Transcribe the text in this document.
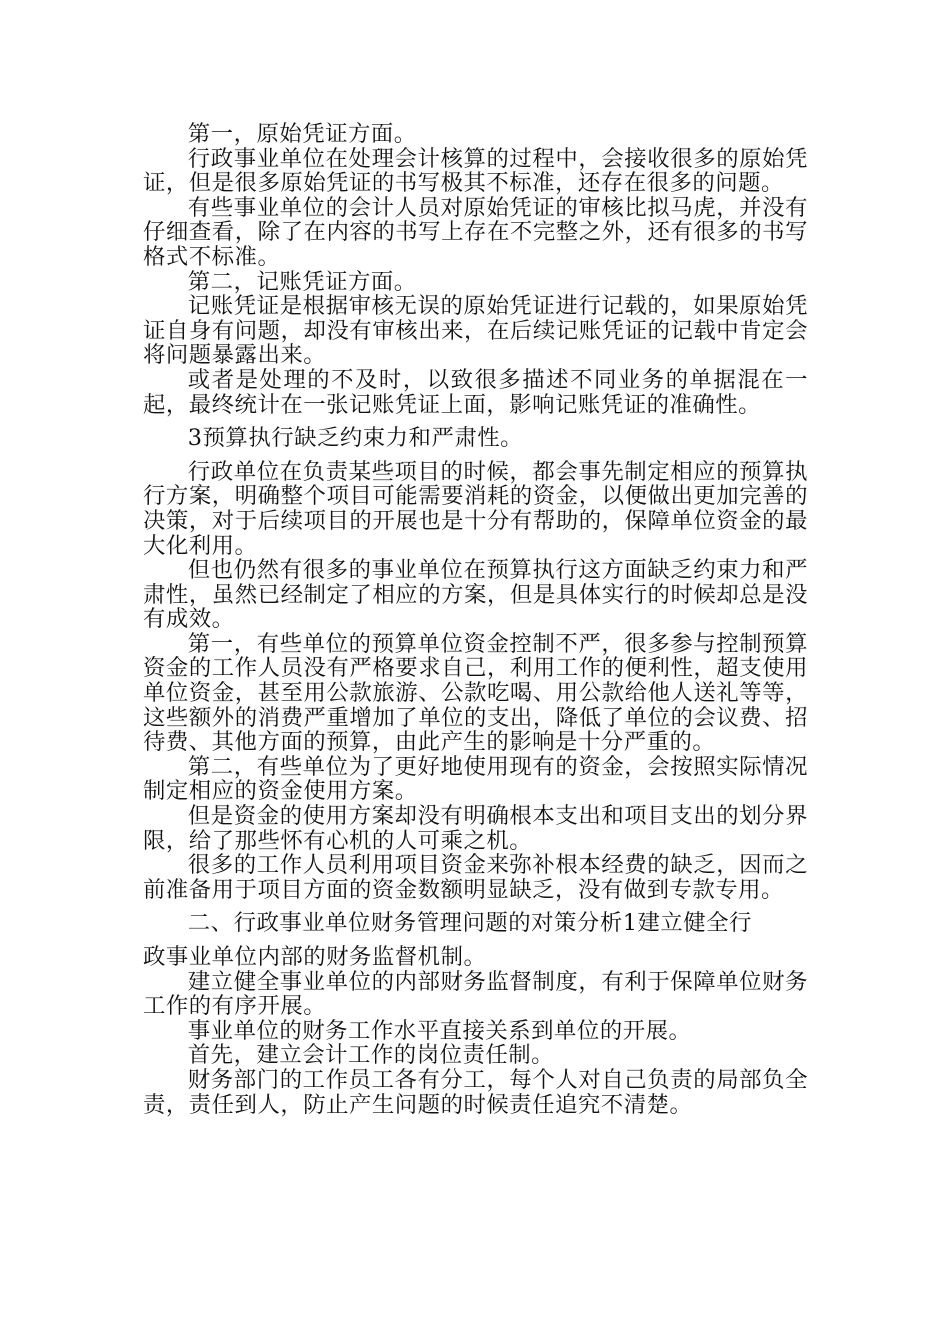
第一，原始凭证方面。

行政事业单位在处理会计核算的过程中，会接收很多的原始凭证，但是很多原始凭证的书写极其不标准，还存在很多的问题。

有些事业单位的会计人员对原始凭证的审核比拟马虎，并没有仔细查看，除了在内容的书写上存在不完整之外，还有很多的书写格式不标准。

第二，记账凭证方面。

记账凭证是根据审核无误的原始凭证进行记载的，如果原始凭证自身有问题，却没有审核出来，在后续记账凭证的记载中肯定会将问题暴露出来。

或者是处理的不及时，以致很多描述不同业务的单据混在一起，最终统计在一张记账凭证上面，影响记账凭证的准确性。

3预算执行缺乏约束力和严肃性。

行政单位在负责某些项目的时候，都会事先制定相应的预算执行方案，明确整个项目可能需要消耗的资金，以便做出更加完善的决策，对于后续项目的开展也是十分有帮助的，保障单位资金的最大化利用。

但也仍然有很多的事业单位在预算执行这方面缺乏约束力和严肃性，虽然已经制定了相应的方案，但是具体实行的时候却总是没有成效。

第一，有些单位的预算单位资金控制不严，很多参与控制预算资金的工作人员没有严格要求自己，利用工作的便利性，超支使用单位资金，甚至用公款旅游、公款吃喝、用公款给他人送礼等等，这些额外的消费严重增加了单位的支出，降低了单位的会议费、招待费、其他方面的预算，由此产生的影响是十分严重的。

第二，有些单位为了更好地使用现有的资金，会按照实际情况制定相应的资金使用方案。

但是资金的使用方案却没有明确根本支出和项目支出的划分界限，给了那些怀有心机的人可乘之机。

很多的工作人员利用项目资金来弥补根本经费的缺乏，因而之前准备用于项目方面的资金数额明显缺乏，没有做到专款专用。

二、行政事业单位财务管理问题的对策分析1建立健全行

政事业单位内部的财务监督机制。

建立健全事业单位的内部财务监督制度，有利于保障单位财务工作的有序开展。

事业单位的财务工作水平直接关系到单位的开展。

首先，建立会计工作的岗位责任制。

财务部门的工作员工各有分工，每个人对自己负责的局部负全责，责任到人，防止产生问题的时候责任追究不清楚。
